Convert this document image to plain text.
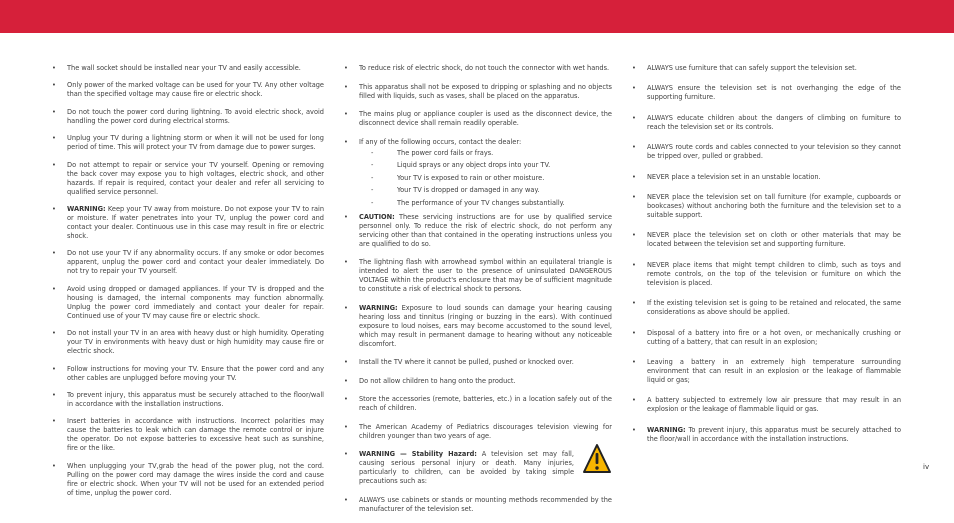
• The wall socket should be installed near your TV and easily accessible.
• Only power of the marked voltage can be used for your TV. Any other voltage than the specified voltage may cause fire or electric shock.
• Do not touch the power cord during lightning. To avoid electric shock, avoid handling the power cord during electrical storms.
• Unplug your TV during a lightning storm or when it will not be used for long period of time. This will protect your TV from damage due to power surges.
• Do not attempt to repair or service your TV yourself. Opening or removing the back cover may expose you to high voltages, electric shock, and other hazards. If repair is required, contact your dealer and refer all servicing to qualified service personnel.
• WARNING: Keep your TV away from moisture. Do not expose your TV to rain or moisture. If water penetrates into your TV, unplug the power cord and contact your dealer. Continuous use in this case may result in fire or electric shock.
• Do not use your TV if any abnormality occurs. If any smoke or odor becomes apparent, unplug the power cord and contact your dealer immediately. Do not try to repair your TV yourself.
• Avoid using dropped or damaged appliances. If your TV is dropped and the housing is damaged, the internal components may function abnormally. Unplug the power cord immediately and contact your dealer for repair. Continued use of your TV may cause fire or electric shock.
• Do not install your TV in an area with heavy dust or high humidity. Operating your TV in environments with heavy dust or high humidity may cause fire or electric shock.
• Follow instructions for moving your TV. Ensure that the power cord and any other cables are unplugged before moving your TV.
• To prevent injury, this apparatus must be securely attached to the floor/wall in accordance with the installation instructions.
• Insert batteries in accordance with instructions. Incorrect polarities may cause the batteries to leak which can damage the remote control or injure the operator. Do not expose batteries to excessive heat such as sunshine, fire or the like.
• When unplugging your TV,grab the head of the power plug, not the cord. Pulling on the power cord may damage the wires inside the cord and cause fire or electric shock. When your TV will not be used for an extended period of time, unplug the power cord.
• To reduce risk of electric shock, do not touch the connector with wet hands.
• This apparatus shall not be exposed to dripping or splashing and no objects filled with liquids, such as vases, shall be placed on the apparatus.
• The mains plug or appliance coupler is used as the disconnect device, the disconnect device shall remain readily operable.
• If any of the following occurs, contact the dealer:
-	The power cord fails or frays.
-	Liquid sprays or any object drops into your TV.
-	Your TV is exposed to rain or other moisture.
-	Your TV is dropped or damaged in any way.
-	The performance of your TV changes substantially.
• CAUTION: These servicing instructions are for use by qualified service personnel only. To reduce the risk of electric shock, do not perform any servicing other than that contained in the operating instructions unless you are qualified to do so.
• The lightning flash with arrowhead symbol within an equilateral triangle is intended to alert the user to the presence of uninsulated DANGEROUS VOLTAGE within the product's enclosure that may be of sufficient magnitude to constitute a risk of electrical shock to persons.
• WARNING: Exposure to loud sounds can damage your hearing causing hearing loss and tinnitus (ringing or buzzing in the ears). With continued exposure to loud noises, ears may become accustomed to the sound level, which may result in permanent damage to hearing without any noticeable discomfort.
• Install the TV where it cannot be pulled, pushed or knocked over.
• Do not allow children to hang onto the product.
• Store the accessories (remote, batteries, etc.) in a location safely out of the reach of children.
• The American Academy of Pediatrics discourages television viewing for children younger than two years of age.
• WARNING — Stability Hazard: A television set may fall, causing serious personal injury or death. Many injuries, particularly to children, can be avoided by taking simple precautions such as:
• ALWAYS use cabinets or stands or mounting methods recommended by the manufacturer of the television set.
• ALWAYS use furniture that can safely support the television set.
• ALWAYS ensure the television set is not overhanging the edge of the supporting furniture.
• ALWAYS educate children about the dangers of climbing on furniture to reach the television set or its controls.
• ALWAYS route cords and cables connected to your television so they cannot be tripped over, pulled or grabbed.
• NEVER place a television set in an unstable location.
• NEVER place the television set on tall furniture (for example, cupboards or bookcases) without anchoring both the furniture and the television set to a suitable support.
• NEVER place the television set on cloth or other materials that may be located between the television set and supporting furniture.
• NEVER place items that might tempt children to climb, such as toys and remote controls, on the top of the television or furniture on which the television is placed.
• If the existing television set is going to be retained and relocated, the same considerations as above should be applied.
• Disposal of a battery into fire or a hot oven, or mechanically crushing or cutting of a battery, that can result in an explosion;
• Leaving a battery in an extremely high temperature surrounding environment that can result in an explosion or the leakage of flammable liquid or gas;
• A battery subjected to extremely low air pressure that may result in an explosion or the leakage of flammable liquid or gas.
• WARNING: To prevent injury, this apparatus must be securely attached to the floor/wall in accordance with the installation instructions.
iv
